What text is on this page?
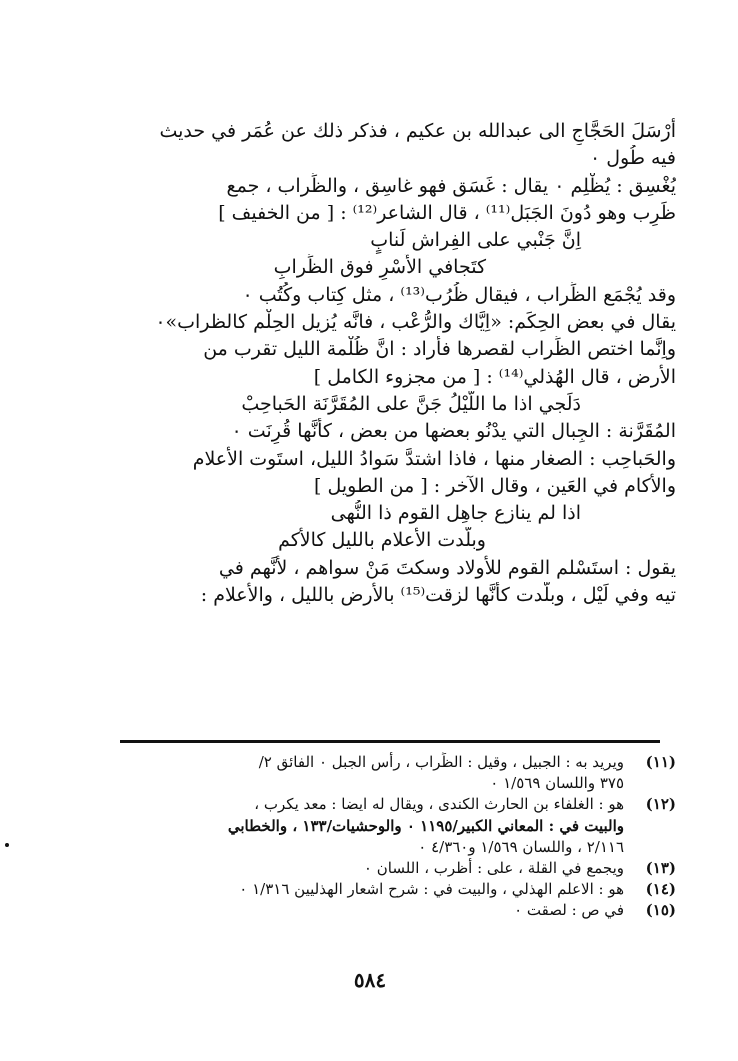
أَرْسَلَ الحَجَّاجِ الى عبدالله بن عكيم ، فذكر ذلك عن عُمَر في حديث
فيه طُول ٠
يُغْسِق : يُظْلِم ٠ يقال : غَسَق فهو غاسِق ، والظِّراب ، جمع
ظَرِب وهو دُونَ الجَبَل⁽¹¹⁾ ، قال الشاعر⁽¹²⁾ : [ من الخفيف ]
اِنَّ جَنْبي على الفِراش لَنابٍ
كتَجافي الأَسْرِ فوق الظِّرابِ
وقد يُجْمَع الظِّراب ، فيقال ظُرُب⁽¹³⁾ ، مثل كِتاب وكُتُب ٠
يقال في بعض الحِكَم: «اِيَّاك والرُّعْب ، فانَّه يُزيل الحِلْم كالظراب»٠
واِنَّما اختص الظِّراب لقصرها فأراد : انَّ ظُلْمة الليل تقرب من
الأرض ، قال الهُذلي⁽¹⁴⁾ : [ من مجزوء الكامل ]
دَلَجي اذا ما اللَّيْلُ جَنَّ على المُقَرَّنَة الحَباحِبْ
المُقَرَّنة : الجِبال التي يدْنُو بعضها من بعض ، كأنَّها قُرِنَت ٠
والحَباحِب : الصغار منها ، فاذا اشتدَّ سَوادُ الليل، استَوت الأعلام
والأكام في العَين ، وقال الآخر : [ من الطويل ]
اذا لم ينازع جاهِل القوم ذا النُّهى
وبلَّدت الأعلام بالليل كالأكم
يقول : استَسْلم القوم للأولاد وسكتَ مَنْ سواهم ، لأنَّهم في
تيه وفي لَيْل ، وبلَّدت كأنَّها لزقت⁽¹⁵⁾ بالأرض بالليل ، والأعلام :
(١١)
ويريد به : الجبيل ، وقيل : الظِّراب ، رأس الجبل ٠ الفائق ٢/
٣٧٥ واللسان ١/٥٦٩ ٠
(١٢)
هو : الغلفاء بن الحارث الكندى ، ويقال له ايضا : معد يكرب ،
والبيت في : المعاني الكبير/١١٩٥ ٠ والوحشيات/١٣٣ ، والخطابي
٢/١١٦ ، واللسان ١/٥٦٩ و٤/٣٦٠ ٠
(١٣)
ويجمع في القلة ، على : أظرب ، اللسان ٠
(١٤)
هو : الاعلم الهذلي ، والبيت في : شرح اشعار الهذليين ١/٣١٦ ٠
(١٥)
في ص : لصقت ٠
٥٨٤
